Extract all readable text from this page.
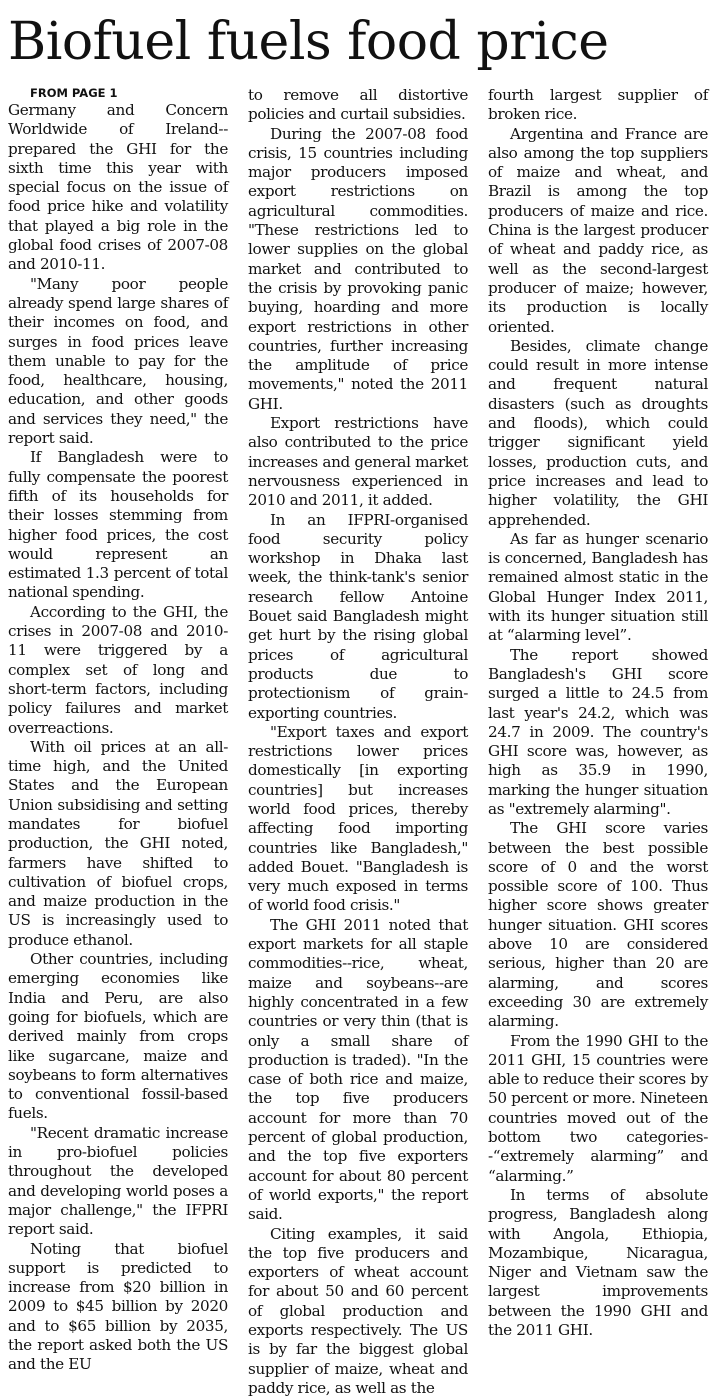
Biofuel fuels food price

FROM PAGE 1

Germany and Concern Worldwide of Ireland--prepared the GHI for the sixth time this year with special focus on the issue of food price hike and volatility that played a big role in the global food crises of 2007-08 and 2010-11.

"Many poor people already spend large shares of their incomes on food, and surges in food prices leave them unable to pay for the food, healthcare, housing, education, and other goods and services they need," the report said.

If Bangladesh were to fully compensate the poorest fifth of its households for their losses stemming from higher food prices, the cost would represent an estimated 1.3 percent of total national spending.

According to the GHI, the crises in 2007-08 and 2010-11 were triggered by a complex set of long and short-term factors, including policy failures and market overreactions.

With oil prices at an all-time high, and the United States and the European Union subsidising and setting mandates for biofuel production, the GHI noted, farmers have shifted to cultivation of biofuel crops, and maize production in the US is increasingly used to produce ethanol.

Other countries, including emerging economies like India and Peru, are also going for biofuels, which are derived mainly from crops like sugarcane, maize and soybeans to form alternatives to conventional fossil-based fuels.

"Recent dramatic increase in pro-biofuel policies throughout the developed and developing world poses a major challenge," the IFPRI report said.

Noting that biofuel support is predicted to increase from $20 billion in 2009 to $45 billion by 2020 and to $65 billion by 2035, the report asked both the US and the EU

to remove all distortive policies and curtail subsidies.

During the 2007-08 food crisis, 15 countries including major producers imposed export restrictions on agricultural commodities. "These restrictions led to lower supplies on the global market and contributed to the crisis by provoking panic buying, hoarding and more export restrictions in other countries, further increasing the amplitude of price movements," noted the 2011 GHI.

Export restrictions have also contributed to the price increases and general market nervousness experienced in 2010 and 2011, it added.

In an IFPRI-organised food security policy workshop in Dhaka last week, the think-tank's senior research fellow Antoine Bouet said Bangladesh might get hurt by the rising global prices of agricultural products due to protectionism of grain-exporting countries.

"Export taxes and export restrictions lower prices domestically [in exporting countries] but increases world food prices, thereby affecting food importing countries like Bangladesh," added Bouet. "Bangladesh is very much exposed in terms of world food crisis."

The GHI 2011 noted that export markets for all staple commodities--rice, wheat, maize and soybeans--are highly concentrated in a few countries or very thin (that is only a small share of production is traded). "In the case of both rice and maize, the top five producers account for more than 70 percent of global production, and the top five exporters account for about 80 percent of world exports," the report said.

Citing examples, it said the top five producers and exporters of wheat account for about 50 and 60 percent of global production and exports respectively. The US is by far the biggest global supplier of maize, wheat and paddy rice, as well as the

fourth largest supplier of broken rice.

Argentina and France are also among the top suppliers of maize and wheat, and Brazil is among the top producers of maize and rice. China is the largest producer of wheat and paddy rice, as well as the second-largest producer of maize; however, its production is locally oriented.

Besides, climate change could result in more intense and frequent natural disasters (such as droughts and floods), which could trigger significant yield losses, production cuts, and price increases and lead to higher volatility, the GHI apprehended.

As far as hunger scenario is concerned, Bangladesh has remained almost static in the Global Hunger Index 2011, with its hunger situation still at “alarming level”.

The report showed Bangladesh's GHI score surged a little to 24.5 from last year's 24.2, which was 24.7 in 2009. The country's GHI score was, however, as high as 35.9 in 1990, marking the hunger situation as "extremely alarming".

The GHI score varies between the best possible score of 0 and the worst possible score of 100. Thus higher score shows greater hunger situation. GHI scores above 10 are considered serious, higher than 20 are alarming, and scores exceeding 30 are extremely alarming.

From the 1990 GHI to the 2011 GHI, 15 countries were able to reduce their scores by 50 percent or more. Nineteen countries moved out of the bottom two categories--“extremely alarming” and “alarming.”

In terms of absolute progress, Bangladesh along with Angola, Ethiopia, Mozambique, Nicaragua, Niger and Vietnam saw the largest improvements between the 1990 GHI and the 2011 GHI.
